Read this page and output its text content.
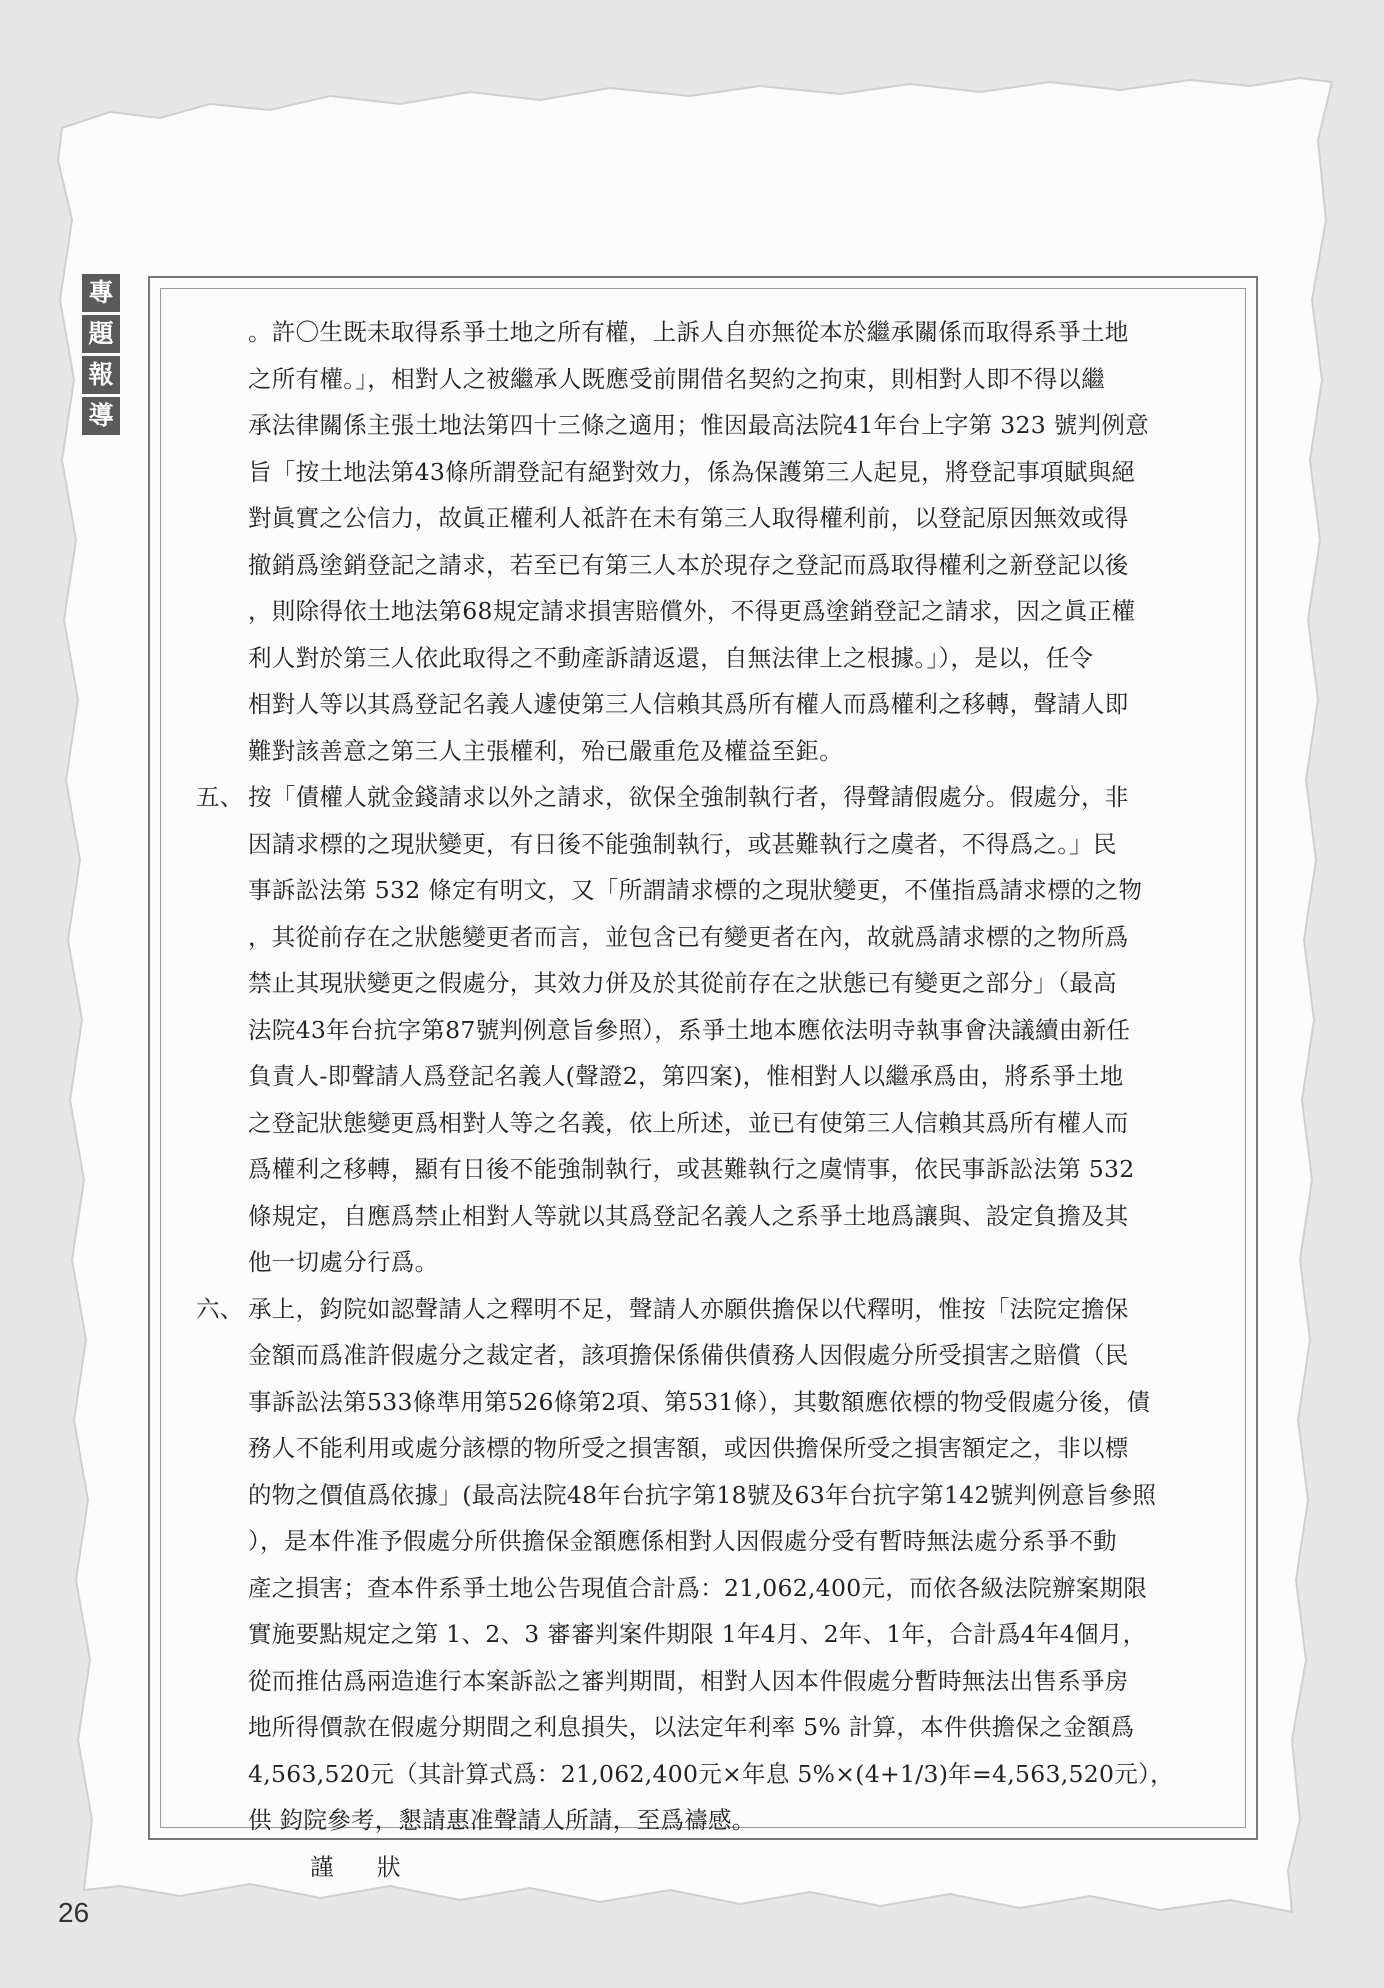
專
題
報
導
。許〇生既未取得系爭土地之所有權，上訴人自亦無從本於繼承關係而取得系爭土地
之所有權。」，相對人之被繼承人既應受前開借名契約之拘束，則相對人即不得以繼
承法律關係主張土地法第四十三條之適用；惟因最高法院41年台上字第 323 號判例意
旨「按土地法第43條所謂登記有絕對效力，係為保護第三人起見，將登記事項賦與絕
對眞實之公信力，故眞正權利人祗許在未有第三人取得權利前，以登記原因無效或得
撤銷爲塗銷登記之請求，若至已有第三人本於現存之登記而爲取得權利之新登記以後
，則除得依土地法第68規定請求損害賠償外，不得更爲塗銷登記之請求，因之眞正權
利人對於第三人依此取得之不動產訴請返還，自無法律上之根據。」），是以，任令
相對人等以其爲登記名義人遽使第三人信賴其爲所有權人而爲權利之移轉，聲請人即
難對該善意之第三人主張權利，殆已嚴重危及權益至鉅。
五、 按「債權人就金錢請求以外之請求，欲保全強制執行者，得聲請假處分。假處分，非
因請求標的之現狀變更，有日後不能強制執行，或甚難執行之虞者，不得爲之。」民
事訴訟法第 532 條定有明文，又「所謂請求標的之現狀變更，不僅指爲請求標的之物
，其從前存在之狀態變更者而言，並包含已有變更者在內，故就爲請求標的之物所爲
禁止其現狀變更之假處分，其效力併及於其從前存在之狀態已有變更之部分」（最高
法院43年台抗字第87號判例意旨參照），系爭土地本應依法明寺執事會決議續由新任
負責人-即聲請人爲登記名義人(聲證2，第四案)，惟相對人以繼承爲由，將系爭土地
之登記狀態變更爲相對人等之名義，依上所述，並已有使第三人信賴其爲所有權人而
爲權利之移轉，顯有日後不能強制執行，或甚難執行之虞情事，依民事訴訟法第 532
條規定，自應爲禁止相對人等就以其爲登記名義人之系爭土地爲讓與、設定負擔及其
他一切處分行爲。
六、 承上，鈞院如認聲請人之釋明不足，聲請人亦願供擔保以代釋明，惟按「法院定擔保
金額而爲准許假處分之裁定者，該項擔保係備供債務人因假處分所受損害之賠償（民
事訴訟法第533條準用第526條第2項、第531條），其數額應依標的物受假處分後，債
務人不能利用或處分該標的物所受之損害額，或因供擔保所受之損害額定之，非以標
的物之價值爲依據」(最高法院48年台抗字第18號及63年台抗字第142號判例意旨參照
），是本件准予假處分所供擔保金額應係相對人因假處分受有暫時無法處分系爭不動
產之損害；查本件系爭土地公告現值合計爲：21,062,400元，而依各級法院辦案期限
實施要點規定之第 1、2、3 審審判案件期限 1年4月、2年、1年，合計爲4年4個月，
從而推估爲兩造進行本案訴訟之審判期間，相對人因本件假處分暫時無法出售系爭房
地所得價款在假處分期間之利息損失，以法定年利率 5% 計算，本件供擔保之金額爲
4,563,520元（其計算式爲：21,062,400元×年息 5%×(4+1/3)年=4,563,520元），
供 鈞院參考，懇請惠准聲請人所請，至爲禱感。
謹 狀
26
